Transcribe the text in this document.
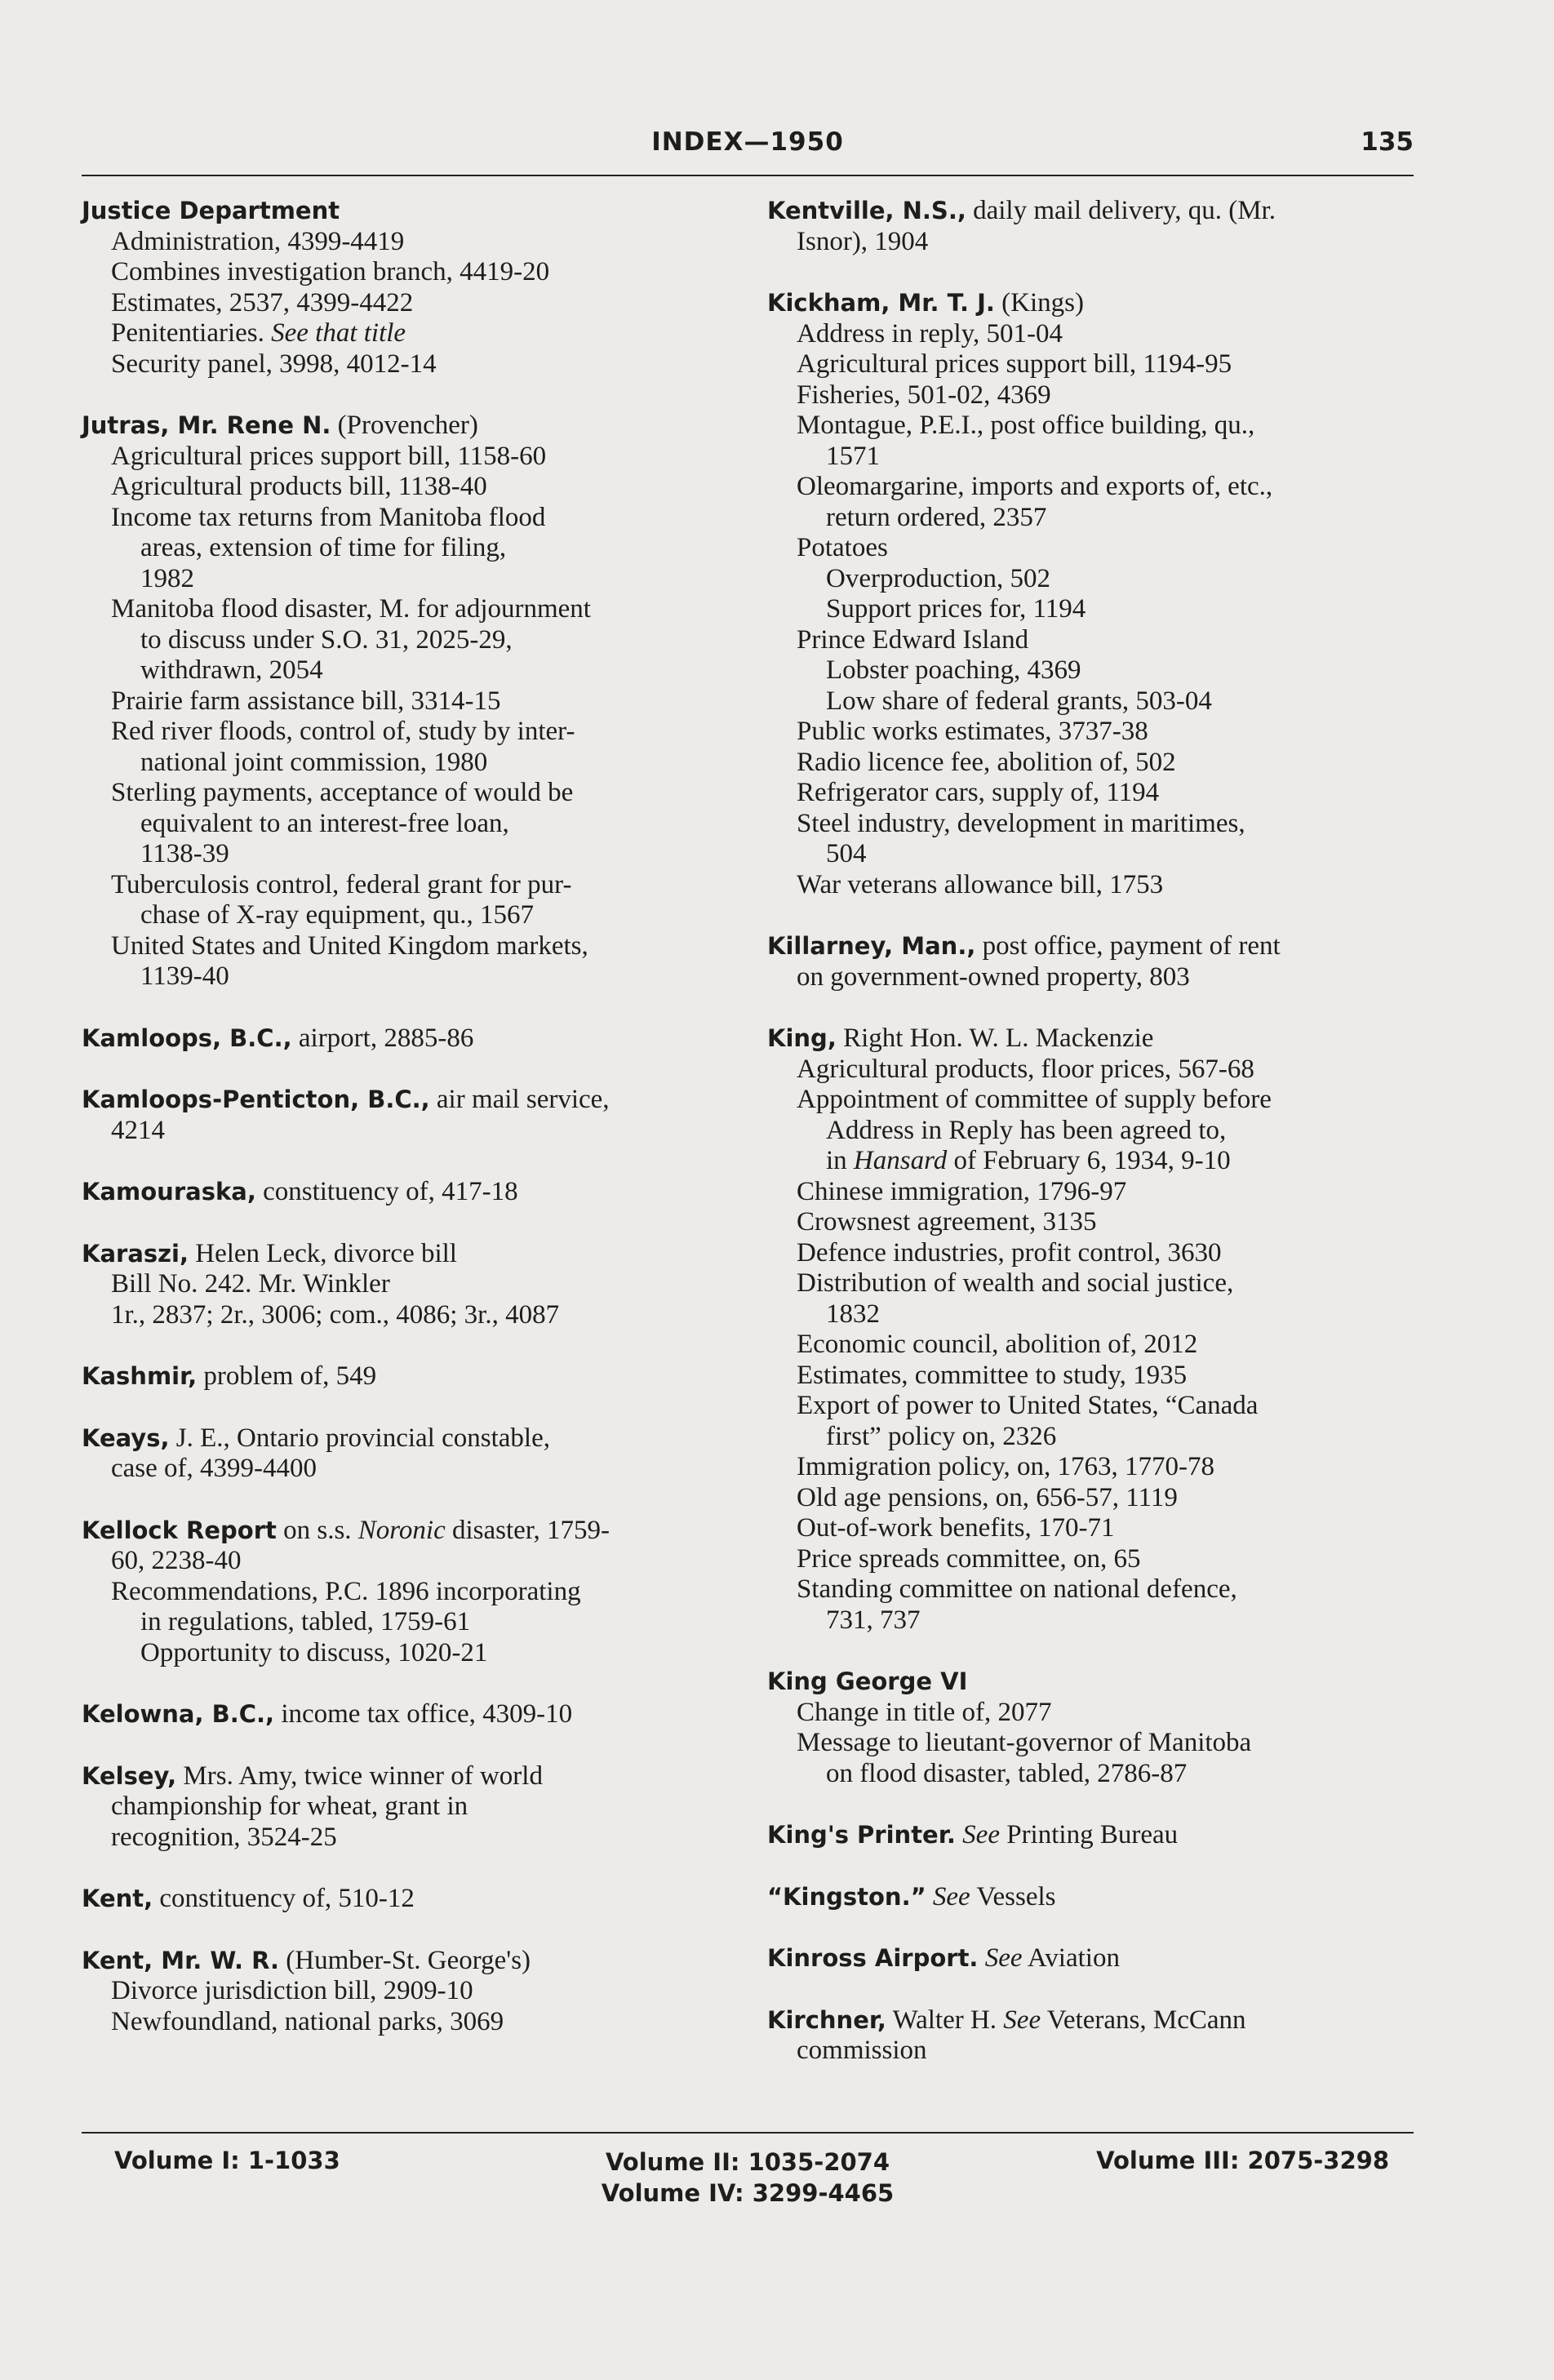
INDEX—1950	135
Justice Department
Administration, 4399-4419
Combines investigation branch, 4419-20
Estimates, 2537, 4399-4422
Penitentiaries. See that title
Security panel, 3998, 4012-14
Jutras, Mr. Rene N. (Provencher)
Agricultural prices support bill, 1158-60
Agricultural products bill, 1138-40
Income tax returns from Manitoba flood
areas, extension of time for filing,
1982
Manitoba flood disaster, M. for adjournment
to discuss under S.O. 31, 2025-29,
withdrawn, 2054
Prairie farm assistance bill, 3314-15
Red river floods, control of, study by inter-
national joint commission, 1980
Sterling payments, acceptance of would be
equivalent to an interest-free loan,
1138-39
Tuberculosis control, federal grant for pur-
chase of X-ray equipment, qu., 1567
United States and United Kingdom markets,
1139-40
Kamloops, B.C., airport, 2885-86
Kamloops-Penticton, B.C., air mail service,
4214
Kamouraska, constituency of, 417-18
Karaszi, Helen Leck, divorce bill
Bill No. 242. Mr. Winkler
1r., 2837; 2r., 3006; com., 4086; 3r., 4087
Kashmir, problem of, 549
Keays, J. E., Ontario provincial constable,
case of, 4399-4400
Kellock Report on s.s. Noronic disaster, 1759-
60, 2238-40
Recommendations, P.C. 1896 incorporating
in regulations, tabled, 1759-61
Opportunity to discuss, 1020-21
Kelowna, B.C., income tax office, 4309-10
Kelsey, Mrs. Amy, twice winner of world
championship for wheat, grant in
recognition, 3524-25
Kent, constituency of, 510-12
Kent, Mr. W. R. (Humber-St. George's)
Divorce jurisdiction bill, 2909-10
Newfoundland, national parks, 3069
Kentville, N.S., daily mail delivery, qu. (Mr.
Isnor), 1904
Kickham, Mr. T. J. (Kings)
Address in reply, 501-04
Agricultural prices support bill, 1194-95
Fisheries, 501-02, 4369
Montague, P.E.I., post office building, qu.,
1571
Oleomargarine, imports and exports of, etc.,
return ordered, 2357
Potatoes
Overproduction, 502
Support prices for, 1194
Prince Edward Island
Lobster poaching, 4369
Low share of federal grants, 503-04
Public works estimates, 3737-38
Radio licence fee, abolition of, 502
Refrigerator cars, supply of, 1194
Steel industry, development in maritimes,
504
War veterans allowance bill, 1753
Killarney, Man., post office, payment of rent
on government-owned property, 803
King, Right Hon. W. L. Mackenzie
Agricultural products, floor prices, 567-68
Appointment of committee of supply before
Address in Reply has been agreed to,
in Hansard of February 6, 1934, 9-10
Chinese immigration, 1796-97
Crowsnest agreement, 3135
Defence industries, profit control, 3630
Distribution of wealth and social justice,
1832
Economic council, abolition of, 2012
Estimates, committee to study, 1935
Export of power to United States, “Canada
first” policy on, 2326
Immigration policy, on, 1763, 1770-78
Old age pensions, on, 656-57, 1119
Out-of-work benefits, 170-71
Price spreads committee, on, 65
Standing committee on national defence,
731, 737
King George VI
Change in title of, 2077
Message to lieutant-governor of Manitoba
on flood disaster, tabled, 2786-87
King's Printer. See Printing Bureau
“Kingston.” See Vessels
Kinross Airport. See Aviation
Kirchner, Walter H. See Veterans, McCann
commission
Volume I: 1-1033	Volume II: 1035-2074
Volume IV: 3299-4465
Volume III: 2075-3298
